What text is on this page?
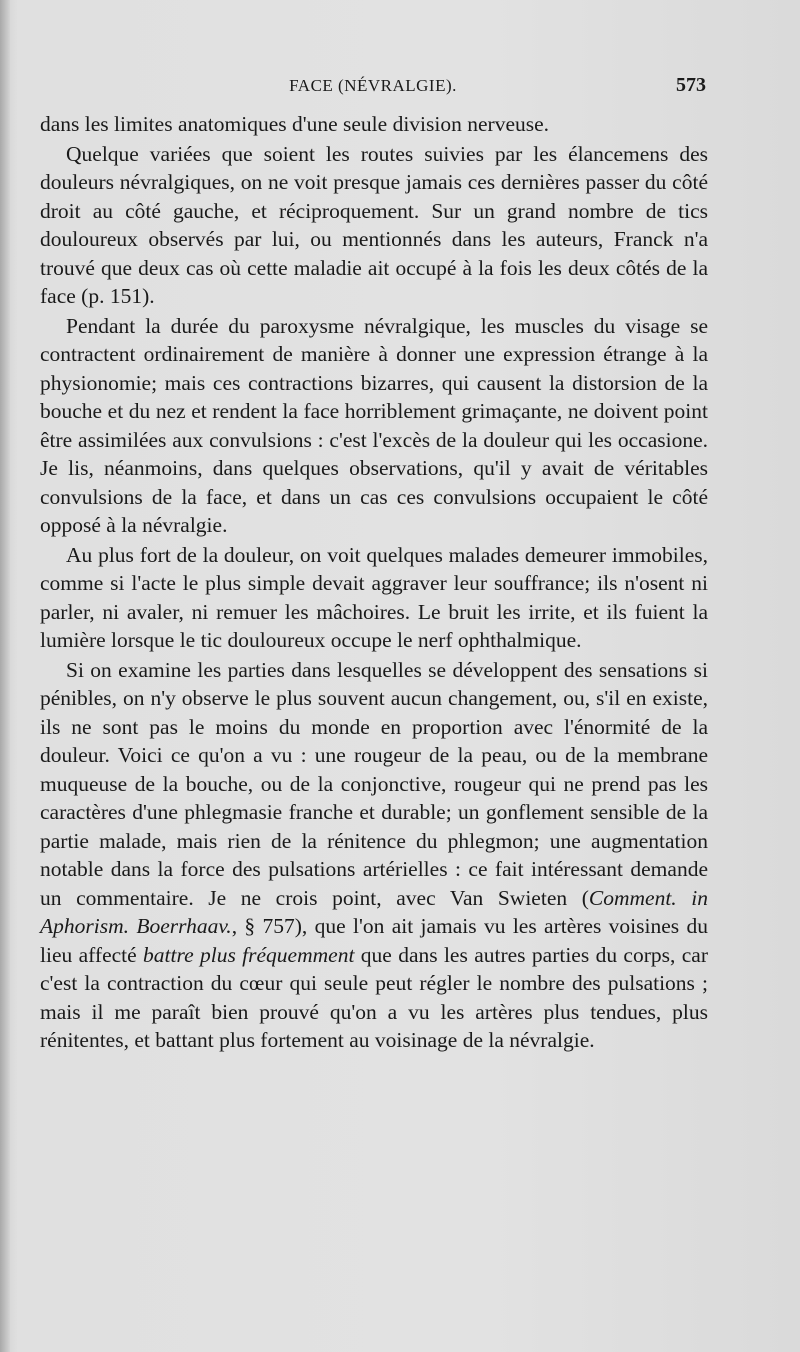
FACE (NÉVRALGIE).	573

dans les limites anatomiques d'une seule division nerveuse.

Quelque variées que soient les routes suivies par les élancemens des douleurs névralgiques, on ne voit presque jamais ces dernières passer du côté droit au côté gauche, et réciproquement. Sur un grand nombre de tics douloureux observés par lui, ou mentionnés dans les auteurs, Franck n'a trouvé que deux cas où cette maladie ait occupé à la fois les deux côtés de la face (p. 151).

Pendant la durée du paroxysme névralgique, les muscles du visage se contractent ordinairement de manière à donner une expression étrange à la physionomie; mais ces contractions bizarres, qui causent la distorsion de la bouche et du nez et rendent la face horriblement grimaçante, ne doivent point être assimilées aux convulsions : c'est l'excès de la douleur qui les occasione. Je lis, néanmoins, dans quelques observations, qu'il y avait de véritables convulsions de la face, et dans un cas ces convulsions occupaient le côté opposé à la névralgie.

Au plus fort de la douleur, on voit quelques malades demeurer immobiles, comme si l'acte le plus simple devait aggraver leur souffrance; ils n'osent ni parler, ni avaler, ni remuer les mâchoires. Le bruit les irrite, et ils fuient la lumière lorsque le tic douloureux occupe le nerf ophthalmique.

Si on examine les parties dans lesquelles se développent des sensations si pénibles, on n'y observe le plus souvent aucun changement, ou, s'il en existe, ils ne sont pas le moins du monde en proportion avec l'énormité de la douleur. Voici ce qu'on a vu : une rougeur de la peau, ou de la membrane muqueuse de la bouche, ou de la conjonctive, rougeur qui ne prend pas les caractères d'une phlegmasie franche et durable; un gonflement sensible de la partie malade, mais rien de la rénitence du phlegmon; une augmentation notable dans la force des pulsations artérielles : ce fait intéressant demande un commentaire. Je ne crois point, avec Van Swieten (Comment. in Aphorism. Boerrhaav., § 757), que l'on ait jamais vu les artères voisines du lieu affecté battre plus fréquemment que dans les autres parties du corps, car c'est la contraction du cœur qui seule peut régler le nombre des pulsations ; mais il me paraît bien prouvé qu'on a vu les artères plus tendues, plus rénitentes, et battant plus fortement au voisinage de la névralgie.
